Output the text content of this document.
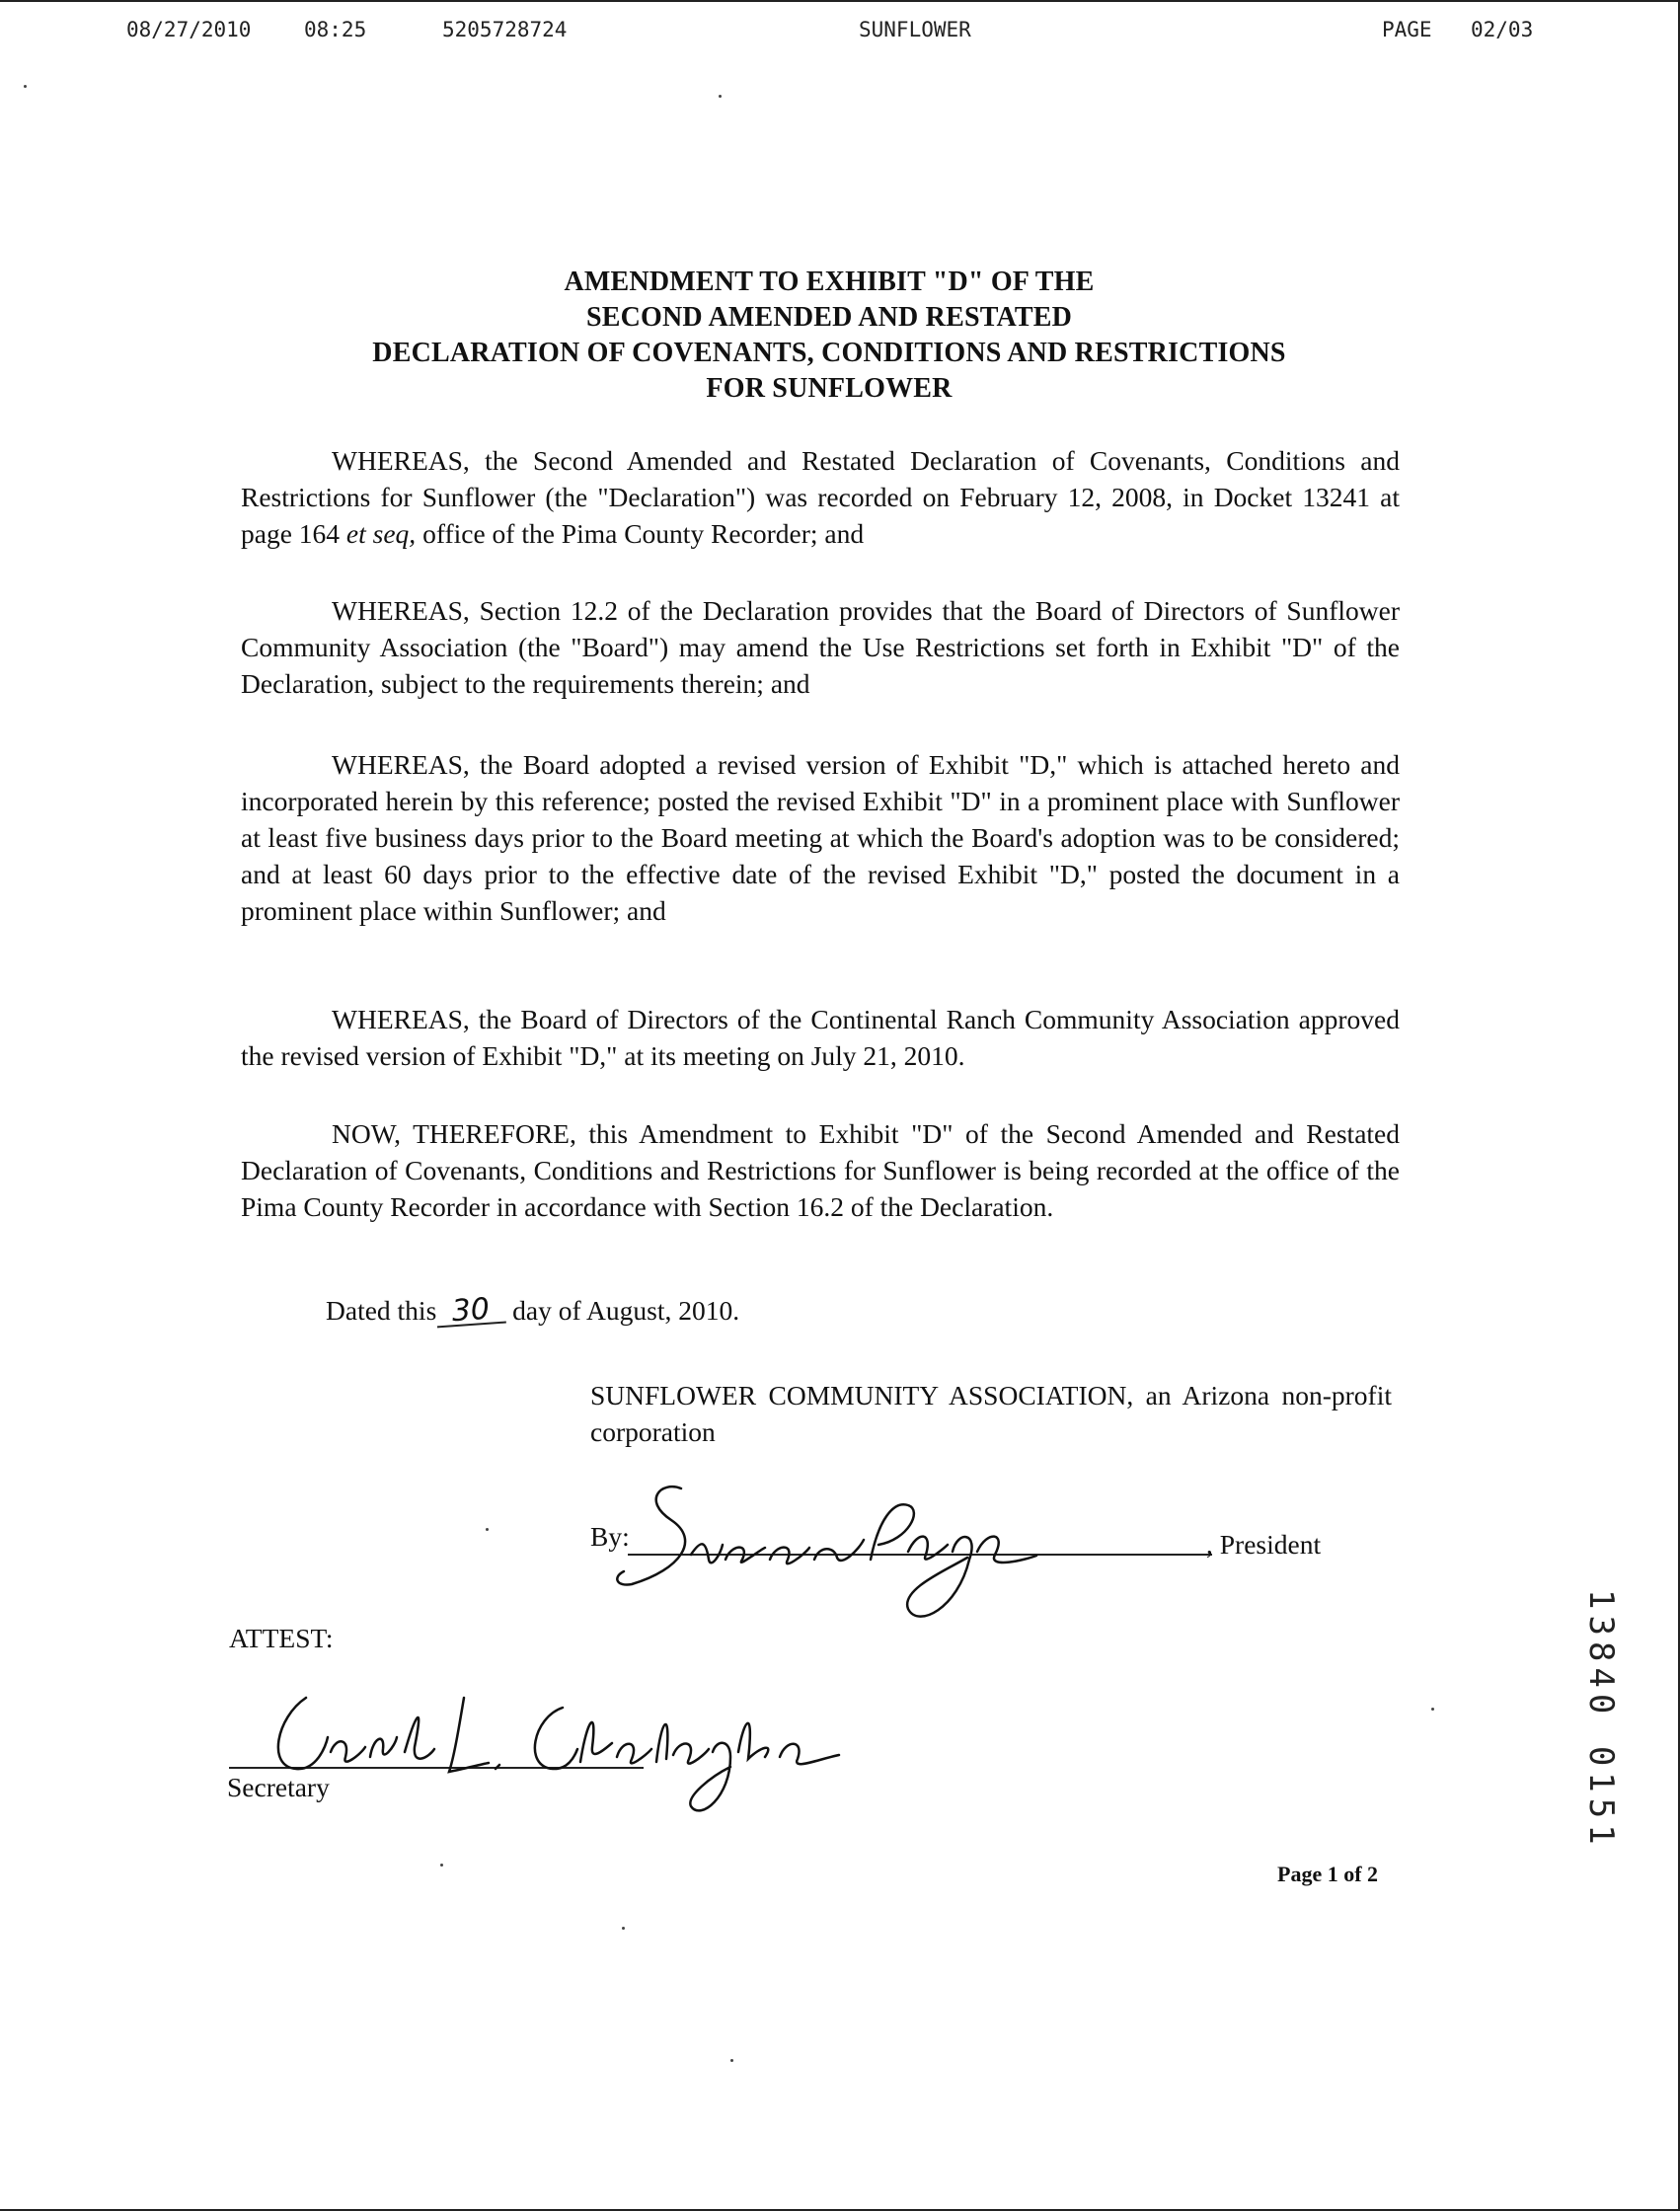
08/27/2010	08:25	5205728724	SUNFLOWER	PAGE 02/03
AMENDMENT TO EXHIBIT "D" OF THE
SECOND AMENDED AND RESTATED
DECLARATION OF COVENANTS, CONDITIONS AND RESTRICTIONS
FOR SUNFLOWER
WHEREAS, the Second Amended and Restated Declaration of Covenants, Conditions and Restrictions for Sunflower (the "Declaration") was recorded on February 12, 2008, in Docket 13241 at page 164 et seq, office of the Pima County Recorder; and
WHEREAS, Section 12.2 of the Declaration provides that the Board of Directors of Sunflower Community Association (the "Board") may amend the Use Restrictions set forth in Exhibit "D" of the Declaration, subject to the requirements therein; and
WHEREAS, the Board adopted a revised version of Exhibit "D," which is attached hereto and incorporated herein by this reference; posted the revised Exhibit "D" in a prominent place with Sunflower at least five business days prior to the Board meeting at which the Board's adoption was to be considered; and at least 60 days prior to the effective date of the revised Exhibit "D," posted the document in a prominent place within Sunflower; and
WHEREAS, the Board of Directors of the Continental Ranch Community Association approved the revised version of Exhibit "D," at its meeting on July 21, 2010.
NOW, THEREFORE, this Amendment to Exhibit "D" of the Second Amended and Restated Declaration of Covenants, Conditions and Restrictions for Sunflower is being recorded at the office of the Pima County Recorder in accordance with Section 16.2 of the Declaration.
Dated this 30 day of August, 2010.
SUNFLOWER COMMUNITY ASSOCIATION, an Arizona non-profit corporation
By:	, President
ATTEST:
Secretary
Page 1 of 2
13840 0151
